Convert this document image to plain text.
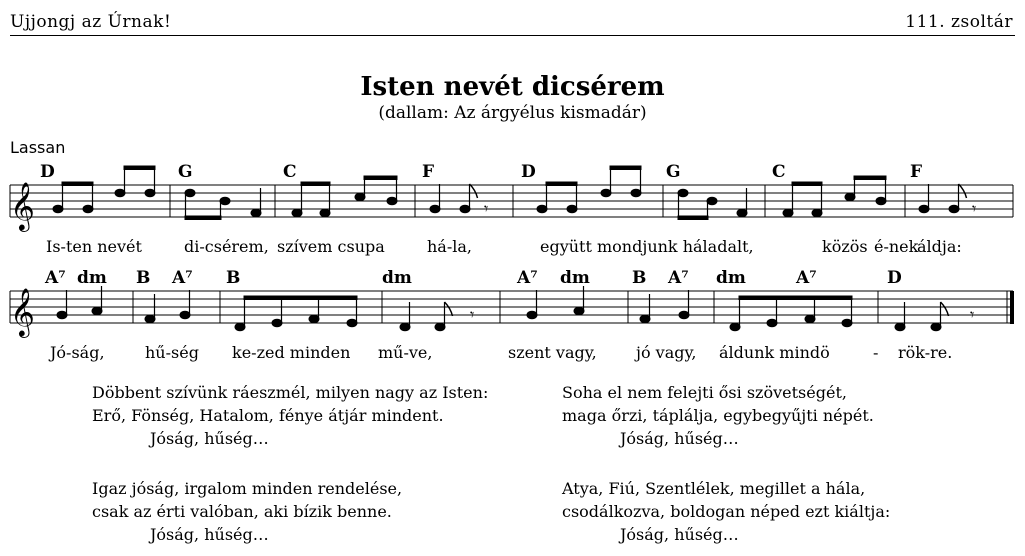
Ujjongj az Úrnak!	111. zsoltár
Isten nevét dicsérem
(dallam: Az árgyélus kismadár)
Lassan
𝄞	𝄾	𝄾
D	G	C	F	D	G	C	F
Is-ten nevét	di-csérem, szívem csupa	há-la,	együtt mondjunk háladalt,	közös é-nek
áldja:
𝄞	𝄾	𝄾
A⁷ dm B A⁷ B	dm	A⁷ dm B A⁷ dm	A⁷	D
Jó-ság,	hű-ség ke-zed minden mű-ve,	szent vagy, jó vagy, áldunk mindö	- rök-re.
Döbbent szívünk ráeszmél, milyen nagy az Isten:
Erő, Fönség, Hatalom, fénye átjár mindent.
Jóság, hűség…
Soha el nem felejti ősi szövetségét,
maga őrzi, táplálja, egybegyűjti népét.
Jóság, hűség…
Igaz jóság, irgalom minden rendelése,
csak az érti valóban, aki bízik benne.
Jóság, hűség…
Atya, Fiú, Szentlélek, megillet a hála,
csodálkozva, boldogan néped ezt kiáltja:
Jóság, hűség…
